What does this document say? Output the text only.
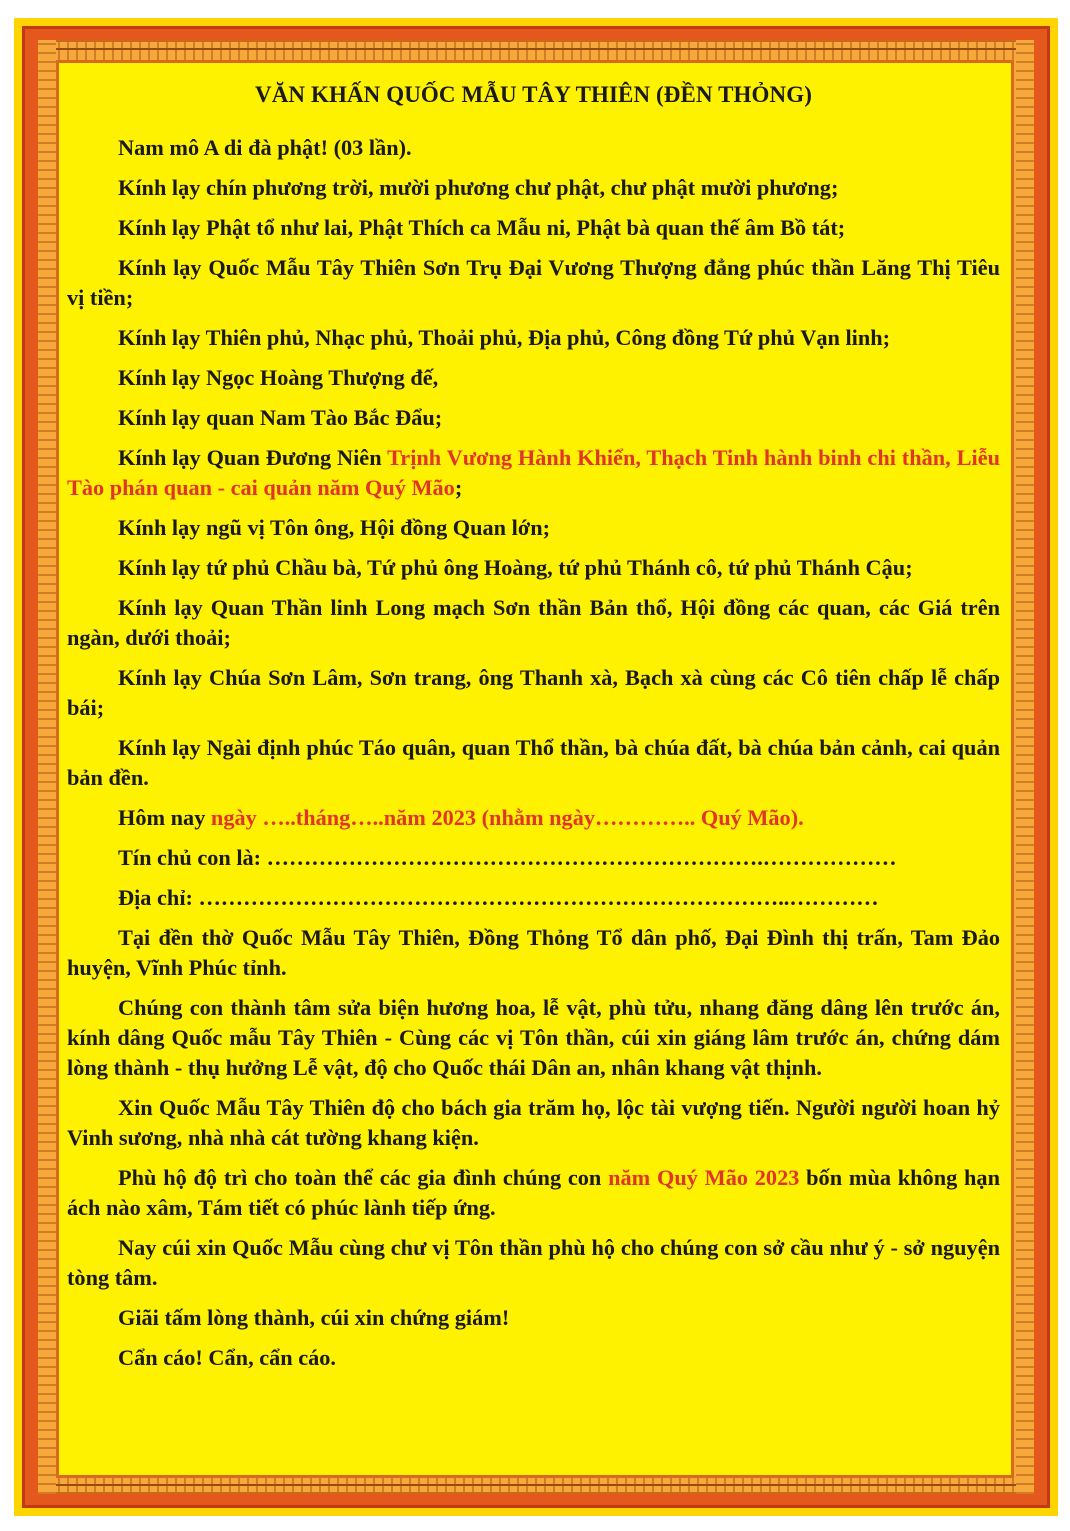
VĂN KHẤN QUỐC MẪU TÂY THIÊN (ĐỀN THỎNG)

Nam mô A di đà phật! (03 lần).

Kính lạy chín phương trời, mười phương chư phật, chư phật mười phương;

Kính lạy Phật tổ như lai, Phật Thích ca Mẫu ni, Phật bà quan thế âm Bồ tát;

Kính lạy Quốc Mẫu Tây Thiên Sơn Trụ Đại Vương Thượng đẳng phúc thần Lăng Thị Tiêu vị tiền;

Kính lạy Thiên phủ, Nhạc phủ, Thoải phủ, Địa phủ, Công đồng Tứ phủ Vạn linh;

Kính lạy Ngọc Hoàng Thượng đế,

Kính lạy quan Nam Tào Bắc Đẩu;

Kính lạy Quan Đương Niên Trịnh Vương Hành Khiển, Thạch Tinh hành binh chi thần, Liễu Tào phán quan - cai quản năm Quý Mão;

Kính lạy ngũ vị Tôn ông, Hội đồng Quan lớn;

Kính lạy tứ phủ Chầu bà, Tứ phủ ông Hoàng, tứ phủ Thánh cô, tứ phủ Thánh Cậu;

Kính lạy Quan Thần linh Long mạch Sơn thần Bản thổ, Hội đồng các quan, các Giá trên ngàn, dưới thoải;

Kính lạy Chúa Sơn Lâm, Sơn trang, ông Thanh xà, Bạch xà cùng các Cô tiên chấp lễ chấp bái;

Kính lạy Ngài định phúc Táo quân, quan Thổ thần, bà chúa đất, bà chúa bản cảnh, cai quản bản đền.

Hôm nay ngày …..tháng…..năm 2023 (nhằm ngày………….. Quý Mão).

Tín chủ con là: ………………………………………………………….………………

Địa chỉ: ……………………………………………………………………..…………

Tại đền thờ Quốc Mẫu Tây Thiên, Đồng Thỏng Tổ dân phố, Đại Đình thị trấn, Tam Đảo huyện, Vĩnh Phúc tỉnh.

Chúng con thành tâm sửa biện hương hoa, lễ vật, phù tửu, nhang đăng dâng lên trước án, kính dâng Quốc mẫu Tây Thiên - Cùng các vị Tôn thần, cúi xin giáng lâm trước án, chứng dám lòng thành - thụ hưởng Lễ vật, độ cho Quốc thái Dân an, nhân khang vật thịnh.

Xin Quốc Mẫu Tây Thiên độ cho bách gia trăm họ, lộc tài vượng tiến. Người người hoan hỷ Vinh sương, nhà nhà cát tường khang kiện.

Phù hộ độ trì cho toàn thể các gia đình chúng con năm Quý Mão 2023 bốn mùa không hạn ách nào xâm, Tám tiết có phúc lành tiếp ứng.

Nay cúi xin Quốc Mẫu cùng chư vị Tôn thần phù hộ cho chúng con sở cầu như ý - sở nguyện tòng tâm.

Giãi tấm lòng thành, cúi xin chứng giám!

Cẩn cáo! Cẩn, cẩn cáo.
